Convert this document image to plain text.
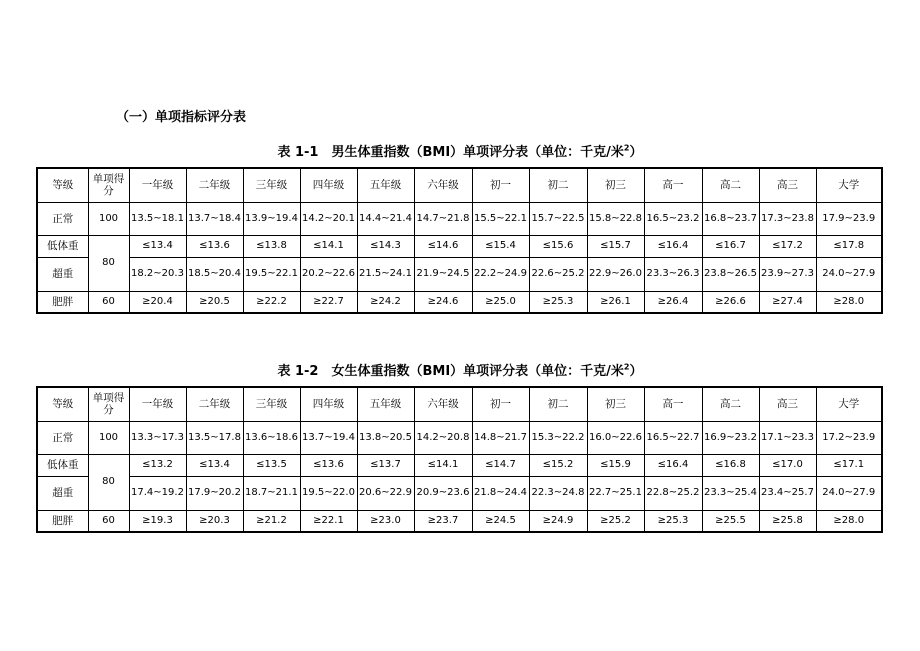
（一）单项指标评分表
表 1-1　男生体重指数（BMI）单项评分表（单位：千克/米$^2$）
等级	单项得分	一年级	二年级	三年级	四年级	五年级	六年级	初一	初二	初三	高一	高二	高三	大学
正常	100	13.5~18.1	13.7~18.4	13.9~19.4	14.2~20.1	14.4~21.4	14.7~21.8	15.5~22.1	15.7~22.5	15.8~22.8	16.5~23.2	16.8~23.7	17.3~23.8	17.9~23.9
低体重	80	≤13.4	≤13.6	≤13.8	≤14.1	≤14.3	≤14.6	≤15.4	≤15.6	≤15.7	≤16.4	≤16.7	≤17.2	≤17.8
超重		18.2~20.3	18.5~20.4	19.5~22.1	20.2~22.6	21.5~24.1	21.9~24.5	22.2~24.9	22.6~25.2	22.9~26.0	23.3~26.3	23.8~26.5	23.9~27.3	24.0~27.9
肥胖	60	≥20.4	≥20.5	≥22.2	≥22.7	≥24.2	≥24.6	≥25.0	≥25.3	≥26.1	≥26.4	≥26.6	≥27.4	≥28.0
表 1-2　女生体重指数（BMI）单项评分表（单位：千克/米$^2$）
等级	单项得分	一年级	二年级	三年级	四年级	五年级	六年级	初一	初二	初三	高一	高二	高三	大学
正常	100	13.3~17.3	13.5~17.8	13.6~18.6	13.7~19.4	13.8~20.5	14.2~20.8	14.8~21.7	15.3~22.2	16.0~22.6	16.5~22.7	16.9~23.2	17.1~23.3	17.2~23.9
低体重	80	≤13.2	≤13.4	≤13.5	≤13.6	≤13.7	≤14.1	≤14.7	≤15.2	≤15.9	≤16.4	≤16.8	≤17.0	≤17.1
超重		17.4~19.2	17.9~20.2	18.7~21.1	19.5~22.0	20.6~22.9	20.9~23.6	21.8~24.4	22.3~24.8	22.7~25.1	22.8~25.2	23.3~25.4	23.4~25.7	24.0~27.9
肥胖	60	≥19.3	≥20.3	≥21.2	≥22.1	≥23.0	≥23.7	≥24.5	≥24.9	≥25.2	≥25.3	≥25.5	≥25.8	≥28.0
